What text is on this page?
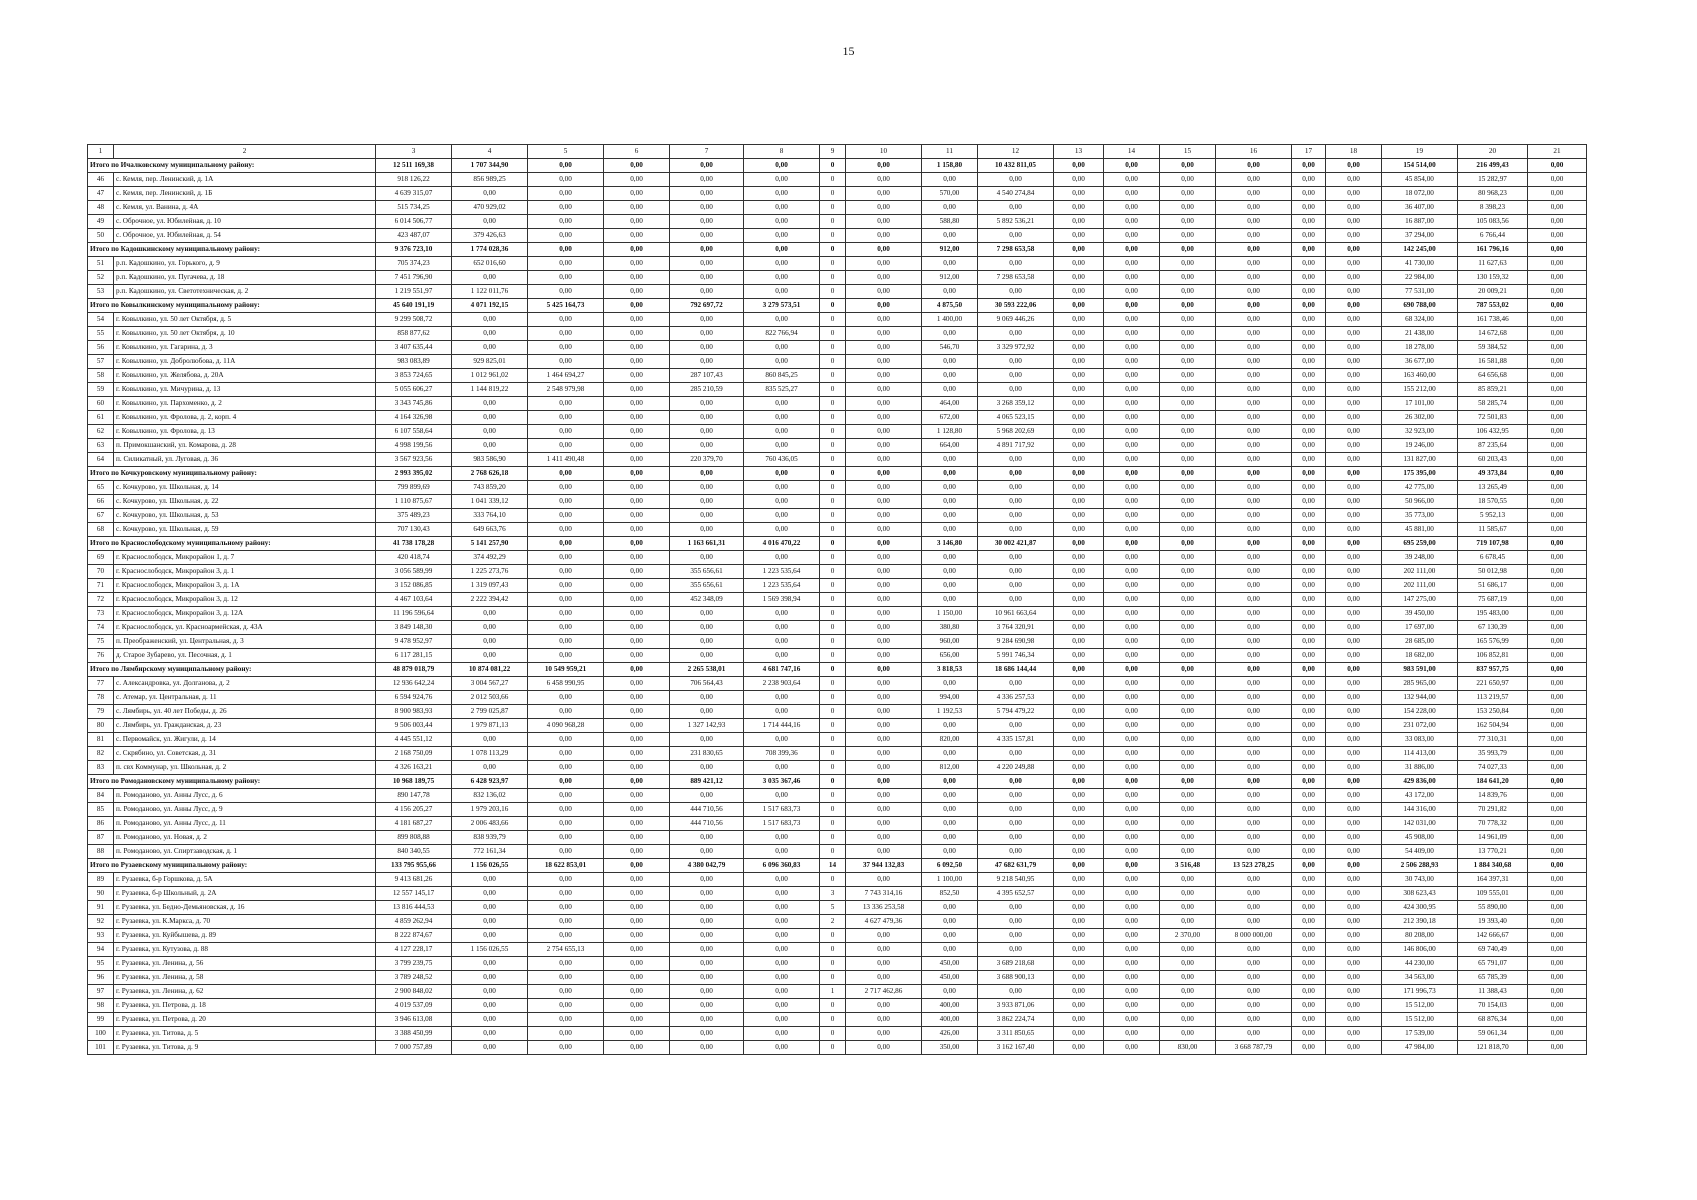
15
1	2	3	4	5	6	7	8	9	10	11	12	13	14	15	16	17	18	19	20	21
Итого по Ичалковскому муниципальному району:		12 511 169,38	1 707 344,90	0,00	0,00	0,00	0,00	0	0,00	1 158,80	10 432 811,05	0,00	0,00	0,00	0,00	0,00	0,00	154 514,00	216 499,43	0,00
46	с. Кемля, пер. Ленинский, д. 1А	918 126,22	856 989,25	0,00	0,00	0,00	0,00	0	0,00	0,00	0,00	0,00	0,00	0,00	0,00	0,00	0,00	45 854,00	15 282,97	0,00
47	с. Кемля, пер. Ленинский, д. 1Б	4 639 315,07	0,00	0,00	0,00	0,00	0,00	0	0,00	570,00	4 540 274,84	0,00	0,00	0,00	0,00	0,00	0,00	18 072,00	80 968,23	0,00
48	с. Кемля, ул. Ванина, д. 4А	515 734,25	470 929,02	0,00	0,00	0,00	0,00	0	0,00	0,00	0,00	0,00	0,00	0,00	0,00	0,00	0,00	36 407,00	8 398,23	0,00
49	с. Оброчное, ул. Юбилейная, д. 10	6 014 506,77	0,00	0,00	0,00	0,00	0,00	0	0,00	588,80	5 892 536,21	0,00	0,00	0,00	0,00	0,00	0,00	16 887,00	105 083,56	0,00
50	с. Оброчное, ул. Юбилейная, д. 54	423 487,07	379 426,63	0,00	0,00	0,00	0,00	0	0,00	0,00	0,00	0,00	0,00	0,00	0,00	0,00	0,00	37 294,00	6 766,44	0,00
Итого по Кадошкинскому муниципальному району:		9 376 723,10	1 774 028,36	0,00	0,00	0,00	0,00	0	0,00	912,00	7 298 653,58	0,00	0,00	0,00	0,00	0,00	0,00	142 245,00	161 796,16	0,00
51	р.п. Кадошкино, ул. Горького, д. 9	705 374,23	652 016,60	0,00	0,00	0,00	0,00	0	0,00	0,00	0,00	0,00	0,00	0,00	0,00	0,00	0,00	41 730,00	11 627,63	0,00
52	р.п. Кадошкино, ул. Пугачева, д. 18	7 451 796,90	0,00	0,00	0,00	0,00	0,00	0	0,00	912,00	7 298 653,58	0,00	0,00	0,00	0,00	0,00	0,00	22 984,00	130 159,32	0,00
53	р.п. Кадошкино, ул. Светотехническая, д. 2	1 219 551,97	1 122 011,76	0,00	0,00	0,00	0,00	0	0,00	0,00	0,00	0,00	0,00	0,00	0,00	0,00	0,00	77 531,00	20 009,21	0,00
Итого по Ковылкинскому муниципальному району:		45 640 191,19	4 071 192,15	5 425 164,73	0,00	792 697,72	3 279 573,51	0	0,00	4 875,50	30 593 222,06	0,00	0,00	0,00	0,00	0,00	0,00	690 788,00	787 553,02	0,00
54	г. Ковылкино, ул. 50 лет Октября, д. 5	9 299 508,72	0,00	0,00	0,00	0,00	0,00	0	0,00	1 400,00	9 069 446,26	0,00	0,00	0,00	0,00	0,00	0,00	68 324,00	161 738,46	0,00
55	г. Ковылкино, ул. 50 лет Октября, д. 10	858 877,62	0,00	0,00	0,00	0,00	822 766,94	0	0,00	0,00	0,00	0,00	0,00	0,00	0,00	0,00	0,00	21 438,00	14 672,68	0,00
56	г. Ковылкино, ул. Гагарина, д. 3	3 407 635,44	0,00	0,00	0,00	0,00	0,00	0	0,00	546,70	3 329 972,92	0,00	0,00	0,00	0,00	0,00	0,00	18 278,00	59 384,52	0,00
57	г. Ковылкино, ул. Добролюбова, д. 11А	983 083,89	929 825,01	0,00	0,00	0,00	0,00	0	0,00	0,00	0,00	0,00	0,00	0,00	0,00	0,00	0,00	36 677,00	16 581,88	0,00
58	г. Ковылкино, ул. Желябова, д. 20А	3 853 724,65	1 012 961,02	1 464 694,27	0,00	287 107,43	860 845,25	0	0,00	0,00	0,00	0,00	0,00	0,00	0,00	0,00	0,00	163 460,00	64 656,68	0,00
59	г. Ковылкино, ул. Мичурина, д. 13	5 055 606,27	1 144 819,22	2 548 979,98	0,00	285 210,59	835 525,27	0	0,00	0,00	0,00	0,00	0,00	0,00	0,00	0,00	0,00	155 212,00	85 859,21	0,00
60	г. Ковылкино, ул. Пархоменко, д. 2	3 343 745,86	0,00	0,00	0,00	0,00	0,00	0	0,00	464,00	3 268 359,12	0,00	0,00	0,00	0,00	0,00	0,00	17 101,00	58 285,74	0,00
61	г. Ковылкино, ул. Фролова, д. 2, корп. 4	4 164 326,98	0,00	0,00	0,00	0,00	0,00	0	0,00	672,00	4 065 523,15	0,00	0,00	0,00	0,00	0,00	0,00	26 302,00	72 501,83	0,00
62	г. Ковылкино, ул. Фролова, д. 13	6 107 558,64	0,00	0,00	0,00	0,00	0,00	0	0,00	1 128,80	5 968 202,69	0,00	0,00	0,00	0,00	0,00	0,00	32 923,00	106 432,95	0,00
63	п. Примокшанский, ул. Комарова, д. 28	4 998 199,56	0,00	0,00	0,00	0,00	0,00	0	0,00	664,00	4 891 717,92	0,00	0,00	0,00	0,00	0,00	0,00	19 246,00	87 235,64	0,00
64	п. Силикатный, ул. Луговая, д. 36	3 567 923,56	983 586,90	1 411 490,48	0,00	220 379,70	760 436,05	0	0,00	0,00	0,00	0,00	0,00	0,00	0,00	0,00	0,00	131 827,00	60 203,43	0,00
Итого по Кочкуровскому муниципальному району:		2 993 395,02	2 768 626,18	0,00	0,00	0,00	0,00	0	0,00	0,00	0,00	0,00	0,00	0,00	0,00	0,00	0,00	175 395,00	49 373,84	0,00
65	с. Кочкурово, ул. Школьная, д. 14	799 899,69	743 859,20	0,00	0,00	0,00	0,00	0	0,00	0,00	0,00	0,00	0,00	0,00	0,00	0,00	0,00	42 775,00	13 265,49	0,00
66	с. Кочкурово, ул. Школьная, д. 22	1 110 875,67	1 041 339,12	0,00	0,00	0,00	0,00	0	0,00	0,00	0,00	0,00	0,00	0,00	0,00	0,00	0,00	50 966,00	18 570,55	0,00
67	с. Кочкурово, ул. Школьная, д. 53	375 489,23	333 764,10	0,00	0,00	0,00	0,00	0	0,00	0,00	0,00	0,00	0,00	0,00	0,00	0,00	0,00	35 773,00	5 952,13	0,00
68	с. Кочкурово, ул. Школьная, д. 59	707 130,43	649 663,76	0,00	0,00	0,00	0,00	0	0,00	0,00	0,00	0,00	0,00	0,00	0,00	0,00	0,00	45 881,00	11 585,67	0,00
Итого по Краснослободскому муниципальному району:		41 738 178,28	5 141 257,90	0,00	0,00	1 163 661,31	4 016 470,22	0	0,00	3 146,80	30 002 421,87	0,00	0,00	0,00	0,00	0,00	0,00	695 259,00	719 107,98	0,00
69	г. Краснослободск, Микрорайон 1, д. 7	420 418,74	374 492,29	0,00	0,00	0,00	0,00	0	0,00	0,00	0,00	0,00	0,00	0,00	0,00	0,00	0,00	39 248,00	6 678,45	0,00
70	г. Краснослободск, Микрорайон 3, д. 1	3 056 589,99	1 225 273,76	0,00	0,00	355 656,61	1 223 535,64	0	0,00	0,00	0,00	0,00	0,00	0,00	0,00	0,00	0,00	202 111,00	50 012,98	0,00
71	г. Краснослободск, Микрорайон 3, д. 1А	3 152 086,85	1 319 097,43	0,00	0,00	355 656,61	1 223 535,64	0	0,00	0,00	0,00	0,00	0,00	0,00	0,00	0,00	0,00	202 111,00	51 686,17	0,00
72	г. Краснослободск, Микрорайон 3, д. 12	4 467 103,64	2 222 394,42	0,00	0,00	452 348,09	1 569 398,94	0	0,00	0,00	0,00	0,00	0,00	0,00	0,00	0,00	0,00	147 275,00	75 687,19	0,00
73	г. Краснослободск, Микрорайон 3, д. 12А	11 196 596,64	0,00	0,00	0,00	0,00	0,00	0	0,00	1 150,00	10 961 663,64	0,00	0,00	0,00	0,00	0,00	0,00	39 450,00	195 483,00	0,00
74	г. Краснослободск, ул. Красноармейская, д. 43А	3 849 148,30	0,00	0,00	0,00	0,00	0,00	0	0,00	380,80	3 764 320,91	0,00	0,00	0,00	0,00	0,00	0,00	17 697,00	67 130,39	0,00
75	п. Преображенский, ул. Центральная, д. 3	9 478 952,97	0,00	0,00	0,00	0,00	0,00	0	0,00	960,00	9 284 690,98	0,00	0,00	0,00	0,00	0,00	0,00	28 685,00	165 576,99	0,00
76	д. Старое Зубарево, ул. Песочная, д. 1	6 117 281,15	0,00	0,00	0,00	0,00	0,00	0	0,00	656,00	5 991 746,34	0,00	0,00	0,00	0,00	0,00	0,00	18 682,00	106 852,81	0,00
Итого по Лямбирскому муниципальному району:		48 879 018,79	10 874 081,22	10 549 959,21	0,00	2 265 538,01	4 681 747,16	0	0,00	3 818,53	18 686 144,44	0,00	0,00	0,00	0,00	0,00	0,00	983 591,00	837 957,75	0,00
77	с. Александровка, ул. Долганова, д. 2	12 936 642,24	3 004 567,27	6 458 990,95	0,00	706 564,43	2 238 903,64	0	0,00	0,00	0,00	0,00	0,00	0,00	0,00	0,00	0,00	285 965,00	221 650,97	0,00
78	с. Атемар, ул. Центральная, д. 11	6 594 924,76	2 012 503,66	0,00	0,00	0,00	0,00	0	0,00	994,00	4 336 257,53	0,00	0,00	0,00	0,00	0,00	0,00	132 944,00	113 219,57	0,00
79	с. Лямбирь, ул. 40 лет Победы, д. 26	8 900 983,93	2 799 025,87	0,00	0,00	0,00	0,00	0	0,00	1 192,53	5 794 479,22	0,00	0,00	0,00	0,00	0,00	0,00	154 228,00	153 250,84	0,00
80	с. Лямбирь, ул. Гражданская, д. 23	9 506 003,44	1 979 871,13	4 090 968,28	0,00	1 327 142,93	1 714 444,16	0	0,00	0,00	0,00	0,00	0,00	0,00	0,00	0,00	0,00	231 072,00	162 504,94	0,00
81	с. Первомайск, ул. Жигули, д. 14	4 445 551,12	0,00	0,00	0,00	0,00	0,00	0	0,00	820,00	4 335 157,81	0,00	0,00	0,00	0,00	0,00	0,00	33 083,00	77 310,31	0,00
82	с. Скрябино, ул. Советская, д. 31	2 168 750,09	1 078 113,29	0,00	0,00	231 830,65	708 399,36	0	0,00	0,00	0,00	0,00	0,00	0,00	0,00	0,00	0,00	114 413,00	35 993,79	0,00
83	п. свх Коммунар, ул. Школьная, д. 2	4 326 163,21	0,00	0,00	0,00	0,00	0,00	0	0,00	812,00	4 220 249,88	0,00	0,00	0,00	0,00	0,00	0,00	31 886,00	74 027,33	0,00
Итого по Ромодановскому муниципальному району:		10 968 189,75	6 428 923,97	0,00	0,00	889 421,12	3 035 367,46	0	0,00	0,00	0,00	0,00	0,00	0,00	0,00	0,00	0,00	429 836,00	184 641,20	0,00
84	п. Ромоданово, ул. Анны Лусс, д. 6	890 147,78	832 136,02	0,00	0,00	0,00	0,00	0	0,00	0,00	0,00	0,00	0,00	0,00	0,00	0,00	0,00	43 172,00	14 839,76	0,00
85	п. Ромоданово, ул. Анны Лусс, д. 9	4 156 205,27	1 979 203,16	0,00	0,00	444 710,56	1 517 683,73	0	0,00	0,00	0,00	0,00	0,00	0,00	0,00	0,00	0,00	144 316,00	70 291,82	0,00
86	п. Ромоданово, ул. Анны Лусс, д. 11	4 181 687,27	2 006 483,66	0,00	0,00	444 710,56	1 517 683,73	0	0,00	0,00	0,00	0,00	0,00	0,00	0,00	0,00	0,00	142 031,00	70 778,32	0,00
87	п. Ромоданово, ул. Новая, д. 2	899 808,88	838 939,79	0,00	0,00	0,00	0,00	0	0,00	0,00	0,00	0,00	0,00	0,00	0,00	0,00	0,00	45 908,00	14 961,09	0,00
88	п. Ромоданово, ул. Спиртзаводская, д. 1	840 340,55	772 161,34	0,00	0,00	0,00	0,00	0	0,00	0,00	0,00	0,00	0,00	0,00	0,00	0,00	0,00	54 409,00	13 770,21	0,00
Итого по Рузаевскому муниципальному району:		133 795 955,66	1 156 026,55	18 622 853,01	0,00	4 380 042,79	6 096 360,83	14	37 944 132,83	6 092,50	47 682 631,79	0,00	0,00	3 516,48	13 523 278,25	0,00	0,00	2 506 288,93	1 884 340,68	0,00
89	г. Рузаевка, б-р Горшкова, д. 5А	9 413 681,26	0,00	0,00	0,00	0,00	0,00	0	0,00	1 100,00	9 218 540,95	0,00	0,00	0,00	0,00	0,00	0,00	30 743,00	164 397,31	0,00
90	г. Рузаевка, б-р Школьный, д. 2А	12 557 145,17	0,00	0,00	0,00	0,00	0,00	3	7 743 314,16	852,50	4 395 652,57	0,00	0,00	0,00	0,00	0,00	0,00	308 623,43	109 555,01	0,00
91	г. Рузаевка, ул. Бедно-Демьяновская, д. 16	13 816 444,53	0,00	0,00	0,00	0,00	0,00	5	13 336 253,58	0,00	0,00	0,00	0,00	0,00	0,00	0,00	0,00	424 300,95	55 890,00	0,00
92	г. Рузаевка, ул. К.Маркса, д. 70	4 859 262,94	0,00	0,00	0,00	0,00	0,00	2	4 627 479,36	0,00	0,00	0,00	0,00	0,00	0,00	0,00	0,00	212 390,18	19 393,40	0,00
93	г. Рузаевка, ул. Куйбышева, д. 89	8 222 874,67	0,00	0,00	0,00	0,00	0,00	0	0,00	0,00	0,00	0,00	0,00	2 370,00	8 000 000,00	0,00	0,00	80 208,00	142 666,67	0,00
94	г. Рузаевка, ул. Кутузова, д. 88	4 127 228,17	1 156 026,55	2 754 655,13	0,00	0,00	0,00	0	0,00	0,00	0,00	0,00	0,00	0,00	0,00	0,00	0,00	146 806,00	69 740,49	0,00
95	г. Рузаевка, ул. Ленина, д. 56	3 799 239,75	0,00	0,00	0,00	0,00	0,00	0	0,00	450,00	3 689 218,68	0,00	0,00	0,00	0,00	0,00	0,00	44 230,00	65 791,07	0,00
96	г. Рузаевка, ул. Ленина, д. 58	3 789 248,52	0,00	0,00	0,00	0,00	0,00	0	0,00	450,00	3 688 900,13	0,00	0,00	0,00	0,00	0,00	0,00	34 563,00	65 785,39	0,00
97	г. Рузаевка, ул. Ленина, д. 62	2 900 848,02	0,00	0,00	0,00	0,00	0,00	1	2 717 462,86	0,00	0,00	0,00	0,00	0,00	0,00	0,00	0,00	171 996,73	11 388,43	0,00
98	г. Рузаевка, ул. Петрова, д. 18	4 019 537,09	0,00	0,00	0,00	0,00	0,00	0	0,00	400,00	3 933 871,06	0,00	0,00	0,00	0,00	0,00	0,00	15 512,00	70 154,03	0,00
99	г. Рузаевка, ул. Петрова, д. 20	3 946 613,08	0,00	0,00	0,00	0,00	0,00	0	0,00	400,00	3 862 224,74	0,00	0,00	0,00	0,00	0,00	0,00	15 512,00	68 876,34	0,00
100	г. Рузаевка, ул. Титова, д. 5	3 388 450,99	0,00	0,00	0,00	0,00	0,00	0	0,00	426,00	3 311 850,65	0,00	0,00	0,00	0,00	0,00	0,00	17 539,00	59 061,34	0,00
101	г. Рузаевка, ул. Титова, д. 9	7 000 757,89	0,00	0,00	0,00	0,00	0,00	0	0,00	350,00	3 162 167,40	0,00	0,00	830,00	3 668 787,79	0,00	0,00	47 984,00	121 818,70	0,00
